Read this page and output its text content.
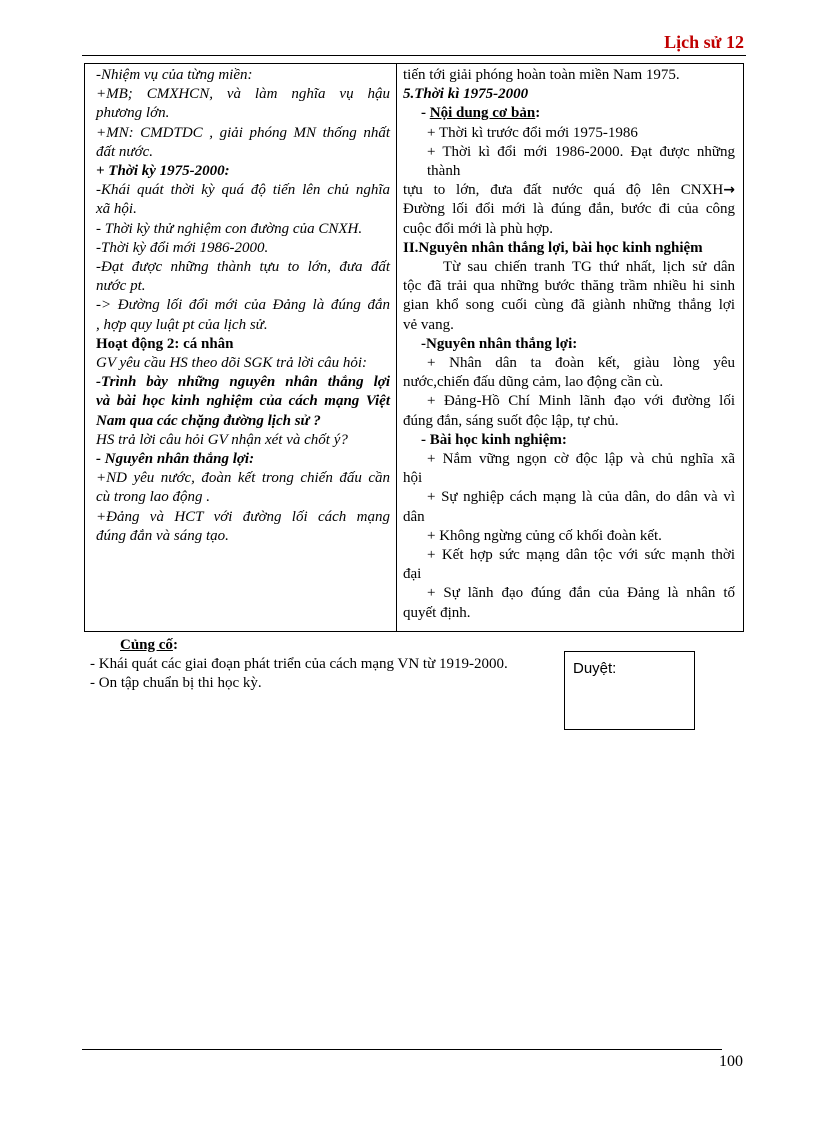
Lịch sử 12
-Nhiệm vụ của từng miền:
+MB; CMXHCN, và làm nghĩa vụ hậu
phương lớn.
+MN: CMDTDC , giải phóng MN thống nhất
đất nước.
+ Thời kỳ 1975-2000:
-Khái quát thời kỳ quá độ tiến lên chủ nghĩa
xã hội.
- Thời kỳ thử nghiệm con đường của CNXH.
-Thời kỳ đổi mới 1986-2000.
-Đạt được những thành tựu to lớn, đưa đất
nước pt.
-> Đường lối đổi mới của Đảng là đúng đắn
, hợp quy luật pt của lịch sử.
Hoạt động 2: cá nhân
GV yêu cầu HS theo dõi SGK trả lời câu hỏi:
-Trình bày những nguyên nhân thắng lợi
và bài học kinh nghiệm của cách mạng Việt
Nam qua các chặng đường lịch sử ?
HS trả lời câu hỏi GV nhận xét và chốt ý?
- Nguyên nhân thắng lợi:
+ND yêu nước, đoàn kết trong chiến đấu cần
cù trong lao động .
+Đảng và HCT với đường lối cách mạng
đúng đắn và sáng tạo.
tiến tới giải phóng hoàn toàn miền Nam 1975.
5.Thời kì 1975-2000
- Nội dung cơ bản:
+ Thời kì trước đổi mới 1975-1986
+ Thời kì đổi mới 1986-2000. Đạt được những thành
tựu to lớn, đưa đất nước quá độ lên CNXH→
Đường lối đổi mới là đúng đắn, bước đi của công
cuộc đổi mới là phù hợp.
II.Nguyên nhân thắng lợi, bài học kinh nghiệm
Từ sau chiến tranh TG thứ nhất, lịch sử dân
tộc đã trải qua những bước thăng trầm nhiều hi sinh
gian khổ song cuối cùng đã giành những thắng lợi
vẻ vang.
-Nguyên nhân thắng lợi:
+ Nhân dân ta đoàn kết, giàu lòng yêu
nước,chiến đấu dũng cảm, lao động cần cù.
+ Đảng-Hồ Chí Minh lãnh đạo với đường lối
đúng đắn, sáng suốt độc lập, tự chủ.
- Bài học kinh nghiệm:
+ Nắm vững ngọn cờ độc lập và chủ nghĩa xã
hội
+ Sự nghiệp cách mạng là của dân, do dân và vì
dân
+ Không ngừng củng cố khối đoàn kết.
+ Kết hợp sức mạng dân tộc với sức mạnh thời
đại
+ Sự lãnh đạo đúng đắn của Đảng là nhân tố
quyết định.
Củng cố:
- Khái quát các giai đoạn phát triển của cách mạng VN từ 1919-2000.
- On tập chuẩn bị thi học kỳ.
Duyệt:
100
